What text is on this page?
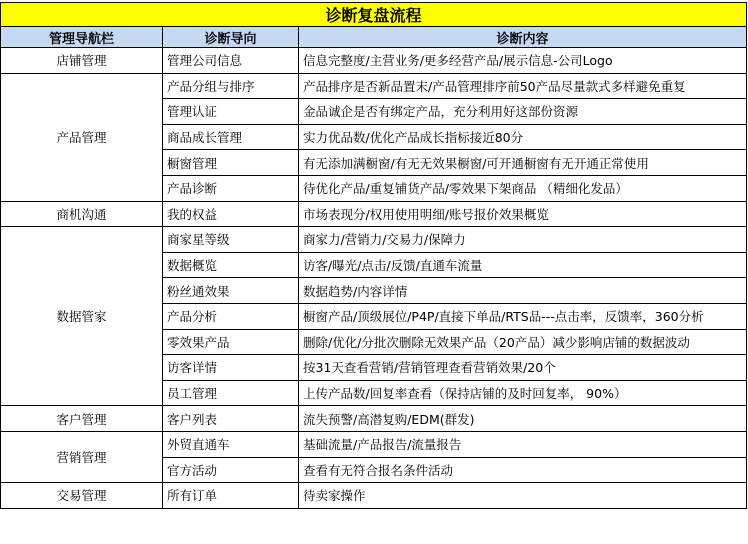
诊断复盘流程		
管理导航栏	诊断导向	诊断内容
店铺管理	管理公司信息	信息完整度/主营业务/更多经营产品/展示信息-公司Logo
产品管理	产品分组与排序	产品排序是否新品置末/产品管理排序前50产品尽量款式多样避免重复
	管理认证	金品诚企是否有绑定产品，充分利用好这部份资源
	商品成长管理	实力优品数/优化产品成长指标接近80分
	橱窗管理	有无添加满橱窗/有无无效果橱窗/可开通橱窗有无开通正常使用
	产品诊断	待优化产品/重复铺货产品/零效果下架商品 （精细化发品）
商机沟通	我的权益	市场表现分/权用使用明细/账号报价效果概览
数据管家	商家星等级	商家力/营销力/交易力/保障力
	数据概览	访客/曝光/点击/反馈/直通车流量
	粉丝通效果	数据趋势/内容详情
	产品分析	橱窗产品/顶级展位/P4P/直接下单品/RTS品---点击率，反馈率，360分析
	零效果产品	删除/优化/分批次删除无效果产品（20产品）减少影响店铺的数据波动
	访客详情	按31天查看营销/营销管理查看营销效果/20个
	员工管理	上传产品数/回复率查看（保持店铺的及时回复率， 90%）
客户管理	客户列表	流失预警/高潜复购/EDM(群发)
营销管理	外贸直通车	基础流量/产品报告/流量报告
	官方活动	查看有无符合报名条件活动
交易管理	所有订单	待卖家操作
